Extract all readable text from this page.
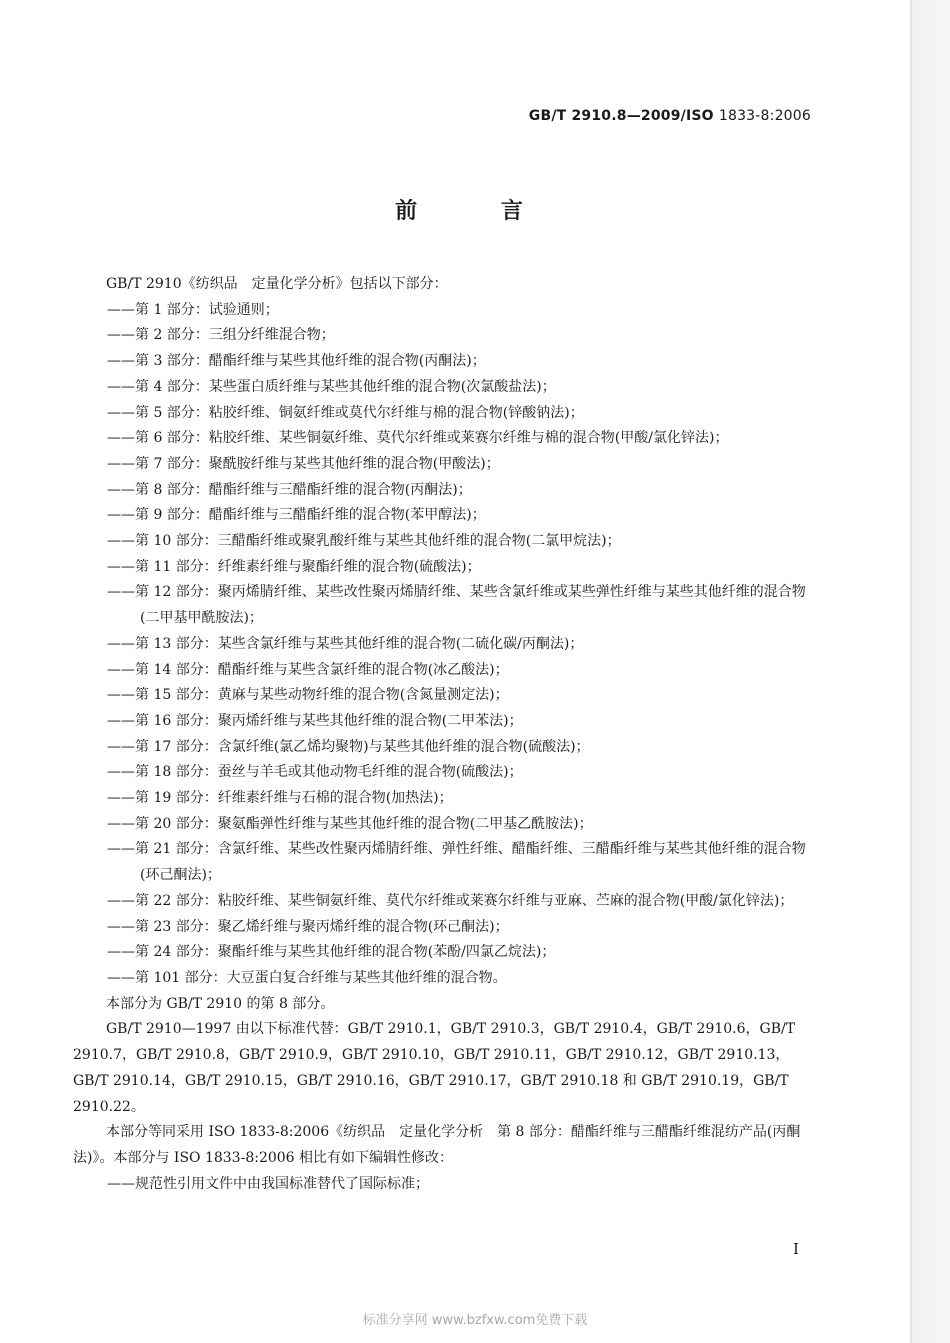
GB/T 2910.8—2009/ISO 1833-8:2006
前 言

GB/T 2910《纺织品　定量化学分析》包括以下部分：

——第 1 部分：试验通则；
——第 2 部分：三组分纤维混合物；
——第 3 部分：醋酯纤维与某些其他纤维的混合物(丙酮法)；
——第 4 部分：某些蛋白质纤维与某些其他纤维的混合物(次氯酸盐法)；
——第 5 部分：粘胶纤维、铜氨纤维或莫代尔纤维与棉的混合物(锌酸钠法)；
——第 6 部分：粘胶纤维、某些铜氨纤维、莫代尔纤维或莱赛尔纤维与棉的混合物(甲酸/氯化锌法)；
——第 7 部分：聚酰胺纤维与某些其他纤维的混合物(甲酸法)；
——第 8 部分：醋酯纤维与三醋酯纤维的混合物(丙酮法)；
——第 9 部分：醋酯纤维与三醋酯纤维的混合物(苯甲醇法)；
——第 10 部分：三醋酯纤维或聚乳酸纤维与某些其他纤维的混合物(二氯甲烷法)；
——第 11 部分：纤维素纤维与聚酯纤维的混合物(硫酸法)；
——第 12 部分：聚丙烯腈纤维、某些改性聚丙烯腈纤维、某些含氯纤维或某些弹性纤维与某些其他纤维的混合物(二甲基甲酰胺法)；
——第 13 部分：某些含氯纤维与某些其他纤维的混合物(二硫化碳/丙酮法)；
——第 14 部分：醋酯纤维与某些含氯纤维的混合物(冰乙酸法)；
——第 15 部分：黄麻与某些动物纤维的混合物(含氮量测定法)；
——第 16 部分：聚丙烯纤维与某些其他纤维的混合物(二甲苯法)；
——第 17 部分：含氯纤维(氯乙烯均聚物)与某些其他纤维的混合物(硫酸法)；
——第 18 部分：蚕丝与羊毛或其他动物毛纤维的混合物(硫酸法)；
——第 19 部分：纤维素纤维与石棉的混合物(加热法)；
——第 20 部分：聚氨酯弹性纤维与某些其他纤维的混合物(二甲基乙酰胺法)；
——第 21 部分：含氯纤维、某些改性聚丙烯腈纤维、弹性纤维、醋酯纤维、三醋酯纤维与某些其他纤维的混合物(环己酮法)；
——第 22 部分：粘胶纤维、某些铜氨纤维、莫代尔纤维或莱赛尔纤维与亚麻、苎麻的混合物(甲酸/氯化锌法)；
——第 23 部分：聚乙烯纤维与聚丙烯纤维的混合物(环己酮法)；
——第 24 部分：聚酯纤维与某些其他纤维的混合物(苯酚/四氯乙烷法)；
——第 101 部分：大豆蛋白复合纤维与某些其他纤维的混合物。

本部分为 GB/T 2910 的第 8 部分。

GB/T 2910—1997 由以下标准代替：GB/T 2910.1，GB/T 2910.3，GB/T 2910.4，GB/T 2910.6，GB/T 2910.7，GB/T 2910.8，GB/T 2910.9，GB/T 2910.10，GB/T 2910.11，GB/T 2910.12，GB/T 2910.13，GB/T 2910.14，GB/T 2910.15，GB/T 2910.16，GB/T 2910.17，GB/T 2910.18 和 GB/T 2910.19，GB/T 2910.22。

本部分等同采用 ISO 1833-8:2006《纺织品　定量化学分析　第 8 部分：醋酯纤维与三醋酯纤维混纺产品(丙酮法)》。本部分与 ISO 1833-8:2006 相比有如下编辑性修改：

——规范性引用文件中由我国标准替代了国际标准；
I
标准分享网 www.bzfxw.com免费下载
